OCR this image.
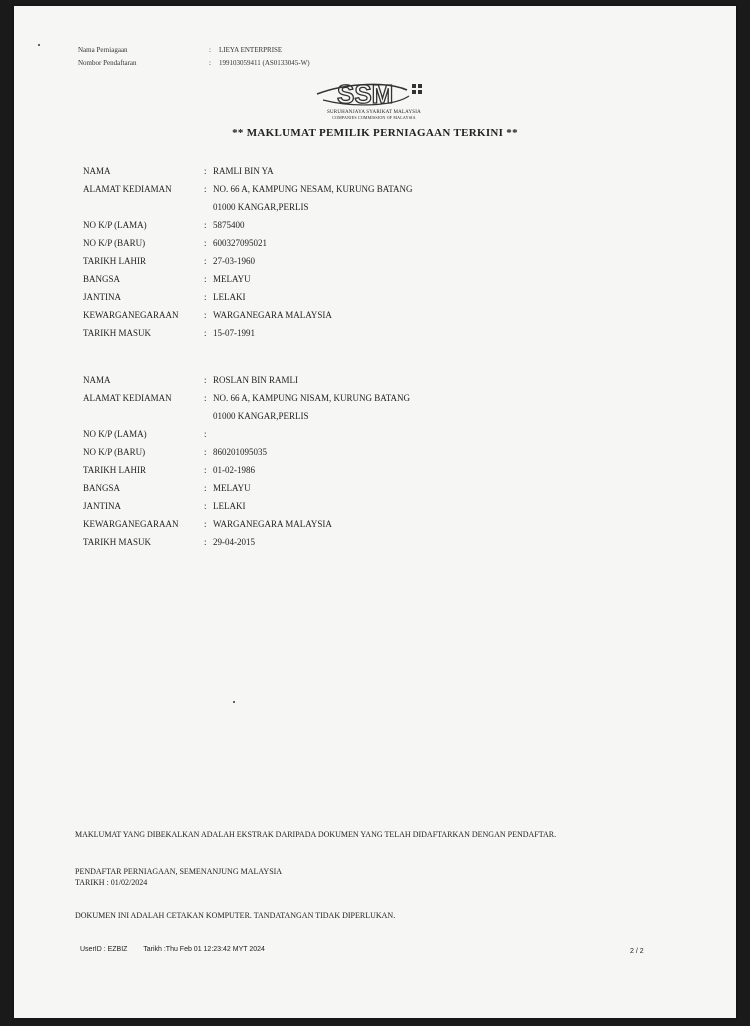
Nama Perniagaan	:	LIEYA ENTERPRISE
Nombor Pendaftaran	:	199103059411 (AS0133045-W)
SSM
SURUHANJAYA SYARIKAT MALAYSIA
COMPANIES COMMISSION OF MALAYSIA
** MAKLUMAT PEMILIK PERNIAGAAN TERKINI **
NAMA	: RAMLI BIN YA
ALAMAT KEDIAMAN	: NO. 66 A, KAMPUNG NESAM, KURUNG BATANG
01000 KANGAR,PERLIS
NO K/P (LAMA)	: 5875400
NO K/P (BARU)	: 600327095021
TARIKH LAHIR	: 27-03-1960
BANGSA	: MELAYU
JANTINA	: LELAKI
KEWARGANEGARAAN	: WARGANEGARA MALAYSIA
TARIKH MASUK	: 15-07-1991
NAMA	: ROSLAN BIN RAMLI
ALAMAT KEDIAMAN	: NO. 66 A, KAMPUNG NISAM, KURUNG BATANG
01000 KANGAR,PERLIS
NO K/P (LAMA)	:
NO K/P (BARU)	: 860201095035
TARIKH LAHIR	: 01-02-1986
BANGSA	: MELAYU
JANTINA	: LELAKI
KEWARGANEGARAAN	: WARGANEGARA MALAYSIA
TARIKH MASUK	: 29-04-2015
MAKLUMAT YANG DIBEKALKAN ADALAH EKSTRAK DARIPADA DOKUMEN YANG TELAH DIDAFTARKAN DENGAN PENDAFTAR.
PENDAFTAR PERNIAGAAN, SEMENANJUNG MALAYSIA
TARIKH : 01/02/2024
DOKUMEN INI ADALAH CETAKAN KOMPUTER. TANDATANGAN TIDAK DIPERLUKAN.
UserID : EZBIZ Tarikh :Thu Feb 01 12:23:42 MYT 2024	2 / 2
